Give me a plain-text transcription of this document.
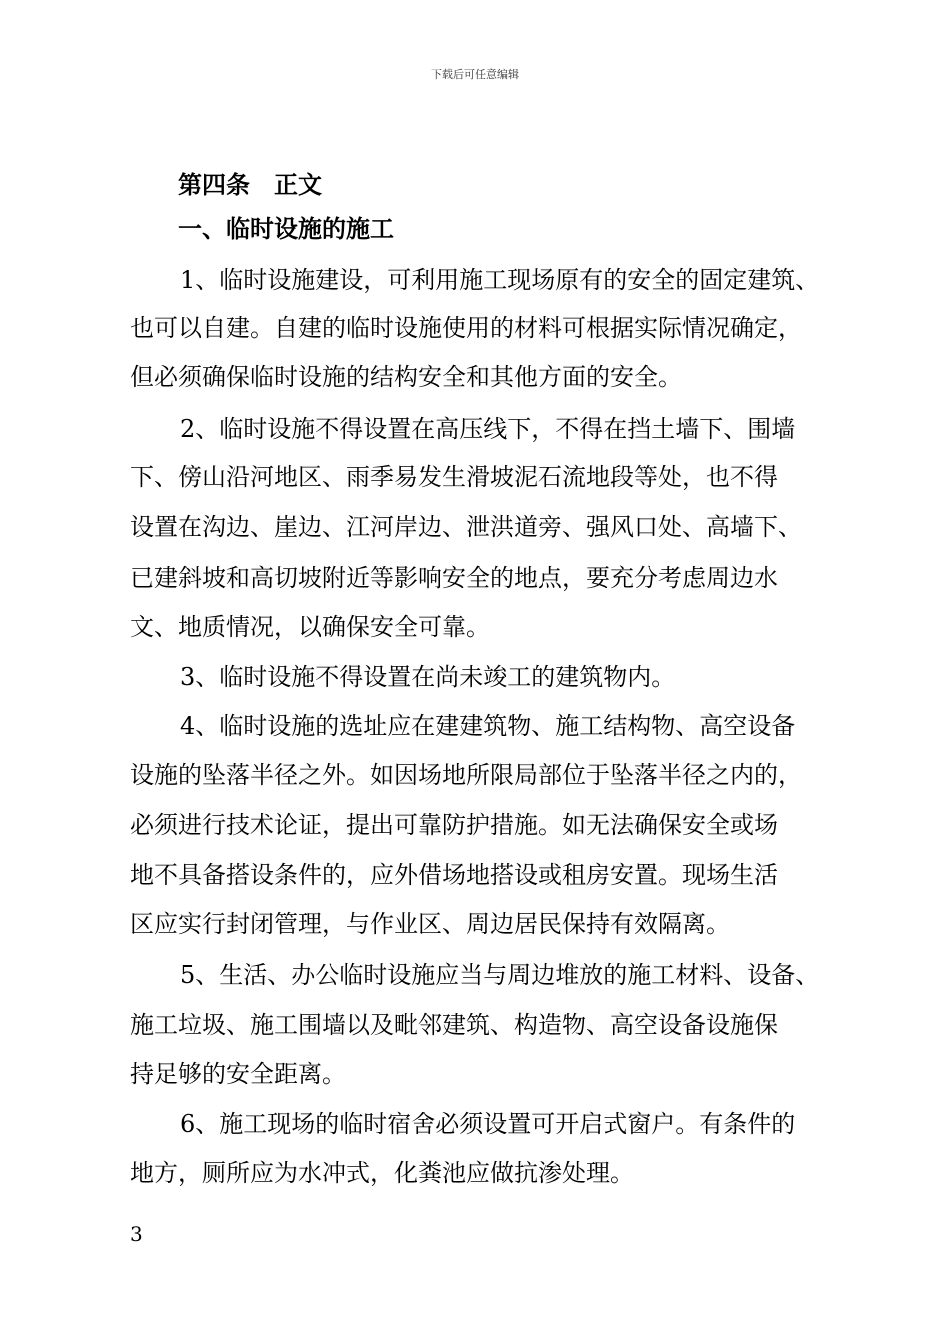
下载后可任意编辑
第四条　正文
一、临时设施的施工
1、临时设施建设，可利用施工现场原有的安全的固定建筑、
也可以自建。自建的临时设施使用的材料可根据实际情况确定，
但必须确保临时设施的结构安全和其他方面的安全。
2、临时设施不得设置在高压线下，不得在挡土墙下、围墙
下、傍山沿河地区、雨季易发生滑坡泥石流地段等处，也不得
设置在沟边、崖边、江河岸边、泄洪道旁、强风口处、高墙下、
已建斜坡和高切坡附近等影响安全的地点，要充分考虑周边水
文、地质情况，以确保安全可靠。
3、临时设施不得设置在尚未竣工的建筑物内。
4、临时设施的选址应在建建筑物、施工结构物、高空设备
设施的坠落半径之外。如因场地所限局部位于坠落半径之内的，
必须进行技术论证，提出可靠防护措施。如无法确保安全或场
地不具备搭设条件的，应外借场地搭设或租房安置。现场生活
区应实行封闭管理，与作业区、周边居民保持有效隔离。
5、生活、办公临时设施应当与周边堆放的施工材料、设备、
施工垃圾、施工围墙以及毗邻建筑、构造物、高空设备设施保
持足够的安全距离。
6、施工现场的临时宿舍必须设置可开启式窗户。有条件的
地方，厕所应为水冲式，化粪池应做抗渗处理。
3
